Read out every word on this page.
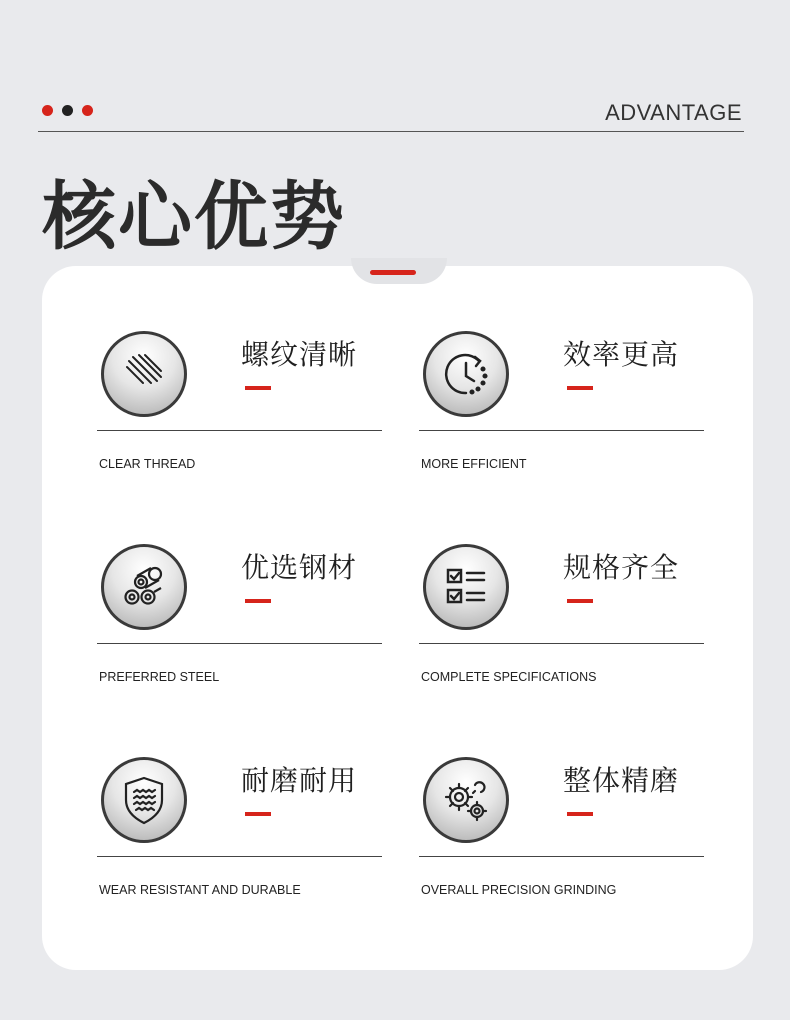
ADVANTAGE
核心优势
螺纹清晰
CLEAR THREAD
效率更高
MORE EFFICIENT
优选钢材
PREFERRED STEEL
规格齐全
COMPLETE SPECIFICATIONS
耐磨耐用
WEAR RESISTANT AND DURABLE
整体精磨
OVERALL PRECISION GRINDING
